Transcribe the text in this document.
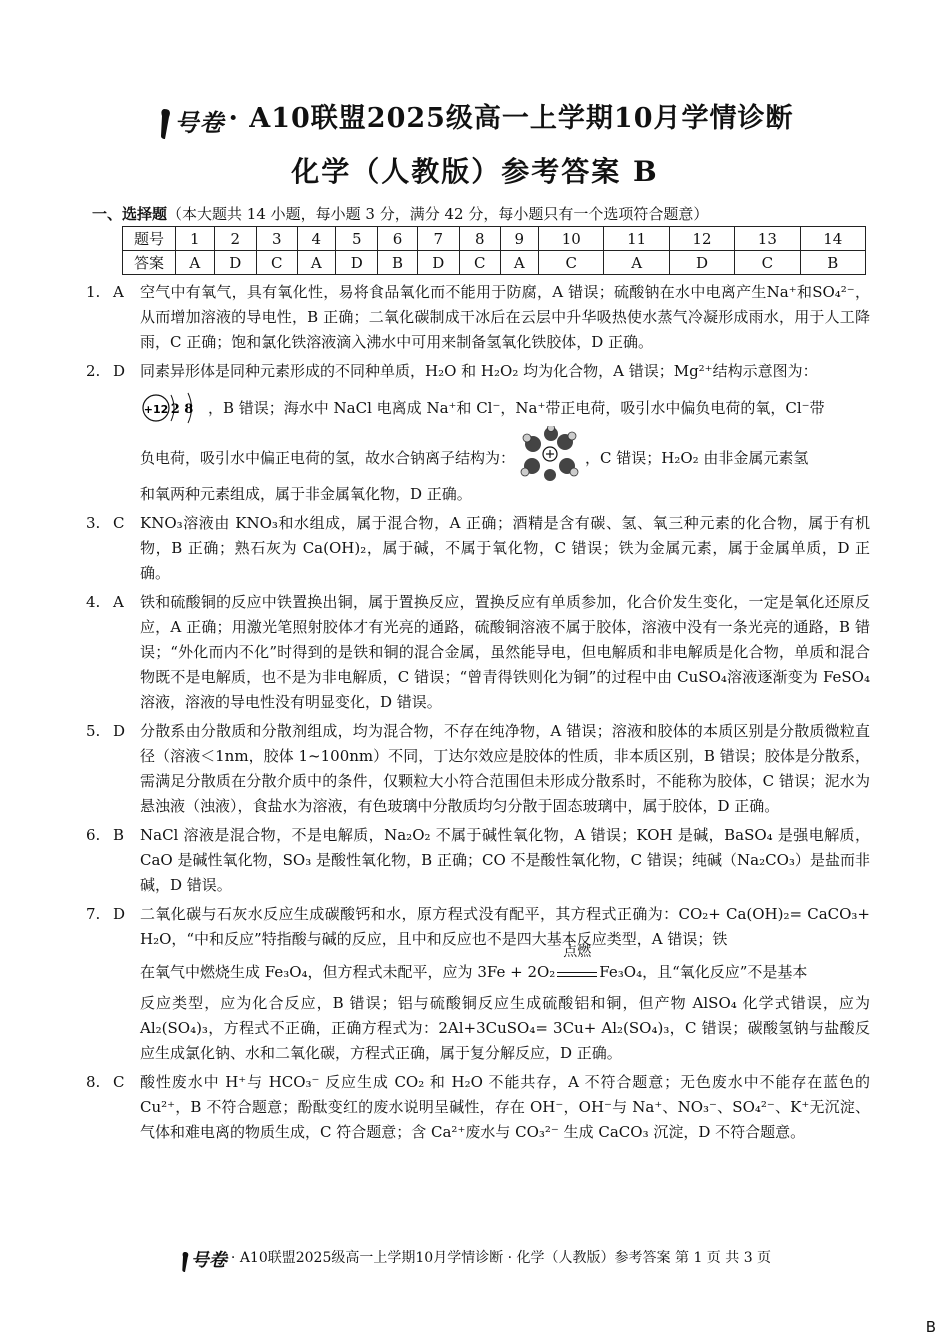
号卷 · A10联盟2025级高一上学期10月学情诊断
化学（人教版）参考答案 B
一、选择题（本大题共 14 小题，每小题 3 分，满分 42 分，每小题只有一个选项符合题意）
题号	1	2	3	4	5	6	7	8	9	10	11	12	13	14
答案	A	D	C	A	D	B	D	C	A	C	A	D	C	B
1. A 空气中有氧气，具有氧化性，易将食品氧化而不能用于防腐，A 错误；硫酸钠在水中电离产生Na⁺和SO₄²⁻，从而增加溶液的导电性，B 正确；二氧化碳制成干冰后在云层中升华吸热使水蒸气冷凝形成雨水，用于人工降雨，C 正确；饱和氯化铁溶液滴入沸水中可用来制备氢氧化铁胶体，D 正确。

2. D 同素异形体是同种元素形成的不同种单质，H₂O 和 H₂O₂ 均为化合物，A 错误；Mg²⁺结构示意图为：

+12 2 8 ，B 错误；海水中 NaCl 电离成 Na⁺和 Cl⁻，Na⁺带正电荷，吸引水中偏负电荷的氧，Cl⁻带
负电荷，吸引水中偏正电荷的氢，故水合钠离子结构为：	，C 错误；H₂O₂ 由非金属元素氢

和氧两种元素组成，属于非金属氧化物，D 正确。

3. C KNO₃溶液由 KNO₃和水组成，属于混合物，A 正确；酒精是含有碳、氢、氧三种元素的化合物，属于有机物，B 正确；熟石灰为 Ca(OH)₂，属于碱，不属于氧化物，C 错误；铁为金属元素，属于金属单质，D 正确。

4. A 铁和硫酸铜的反应中铁置换出铜，属于置换反应，置换反应有单质参加，化合价发生变化，一定是氧化还原反应，A 正确；用激光笔照射胶体才有光亮的通路，硫酸铜溶液不属于胶体，溶液中没有一条光亮的通路，B 错误；“外化而内不化”时得到的是铁和铜的混合金属，虽然能导电，但电解质和非电解质是化合物，单质和混合物既不是电解质，也不是为非电解质，C 错误；“曾青得铁则化为铜”的过程中由 CuSO₄溶液逐渐变为 FeSO₄溶液，溶液的导电性没有明显变化，D 错误。

5. D 分散系由分散质和分散剂组成，均为混合物，不存在纯净物，A 错误；溶液和胶体的本质区别是分散质微粒直径（溶液＜1nm，胶体 1~100nm）不同，丁达尔效应是胶体的性质，非本质区别，B 错误；胶体是分散系，需满足分散质在分散介质中的条件，仅颗粒大小符合范围但未形成分散系时，不能称为胶体，C 错误；泥水为悬浊液（浊液），食盐水为溶液，有色玻璃中分散质均匀分散于固态玻璃中，属于胶体，D 正确。

6. B NaCl 溶液是混合物，不是电解质，Na₂O₂ 不属于碱性氧化物，A 错误；KOH 是碱，BaSO₄ 是强电解质，CaO 是碱性氧化物，SO₃ 是酸性氧化物，B 正确；CO 不是酸性氧化物，C 错误；纯碱（Na₂CO₃）是盐而非碱，D 错误。

7. D 二氧化碳与石灰水反应生成碳酸钙和水，原方程式没有配平，其方程式正确为：CO₂+ Ca(OH)₂= CaCO₃+ H₂O，“中和反应”特指酸与碱的反应，且中和反应也不是四大基本反应类型，A 错误；铁

在氧气中燃烧生成 Fe₃O₄，但方程式未配平，应为 3Fe + 2O₂
点燃
Fe₃O₄，且“氧化反应”不是基本

反应类型，应为化合反应，B 错误；铝与硫酸铜反应生成硫酸铝和铜，但产物 AlSO₄ 化学式错误，应为 Al₂(SO₄)₃，方程式不正确，正确方程式为：2Al+3CuSO₄= 3Cu+ Al₂(SO₄)₃，C 错误；碳酸氢钠与盐酸反应生成氯化钠、水和二氧化碳，方程式正确，属于复分解反应，D 正确。

8. C 酸性废水中 H⁺与 HCO₃⁻ 反应生成 CO₂ 和 H₂O 不能共存，A 不符合题意；无色废水中不能存在蓝色的 Cu²⁺，B 不符合题意；酚酞变红的废水说明呈碱性，存在 OH⁻，OH⁻与 Na⁺、NO₃⁻、SO₄²⁻、K⁺无沉淀、气体和难电离的物质生成，C 符合题意；含 Ca²⁺废水与 CO₃²⁻ 生成 CaCO₃ 沉淀，D 不符合题意。

号卷 · A10联盟2025级高一上学期10月学情诊断 · 化学（人教版）参考答案 第 1 页 共 3 页
B
